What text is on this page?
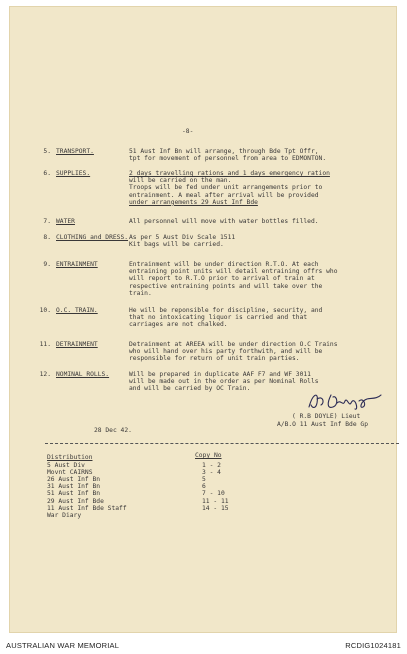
-8-
5. TRANSPORT.	51 Aust Inf Bn will arrange, through Bde Tpt Offr,
tpt for movement of personnel from area to EDMONTON.
6. SUPPLIES.	2 days travelling rations and 1 days emergency ration
will be carried on the man.
Troops will be fed under unit arrangements prior to
entrainment. A meal after arrival will be provided
under arrangements 29 Aust Inf Bde
7. WATER	All personnel will move with water bottles filled.
8. CLOTHING and DRESS. As per 5 Aust Div Scale 1511
Kit bags will be carried.
9. ENTRAINMENT	Entrainment will be under direction R.T.O. At each
entraining point units will detail entraining offrs who
will report to R.T.O prior to arrival of train at
respective entraining points and will take over the
train.
10. O.C. TRAIN.	He will be reponsible for discipline, security, and
that no intoxicating liquor is carried and that
carriages are not chalked.
11. DETRAINMENT	Detrainment at AREEA will be under direction O.C Trains
who will hand over his party forthwith, and will be
responsible for return of unit train parties.
12. NOMINAL ROLLS.	Will be prepared in duplicate AAF F7 and WF 3011
will be made out in the order as per Nominal Rolls
and will be carried by OC Train.
( R.B DOYLE) Lieut
A/B.O 11 Aust Inf Bde Gp
28 Dec 42.
Distribution	Copy No
5 Aust Div	1 - 2
Movnt CAIRNS	3 - 4
26 Aust Inf Bn	5
31 Aust Inf Bn	6
51 Aust Inf Bn	7 - 10
29 Aust Inf Bde	11 - 11
11 Aust Inf Bde Staff	14 - 15
War Diary
AUSTRALIAN WAR MEMORIAL	RCDIG1024181
